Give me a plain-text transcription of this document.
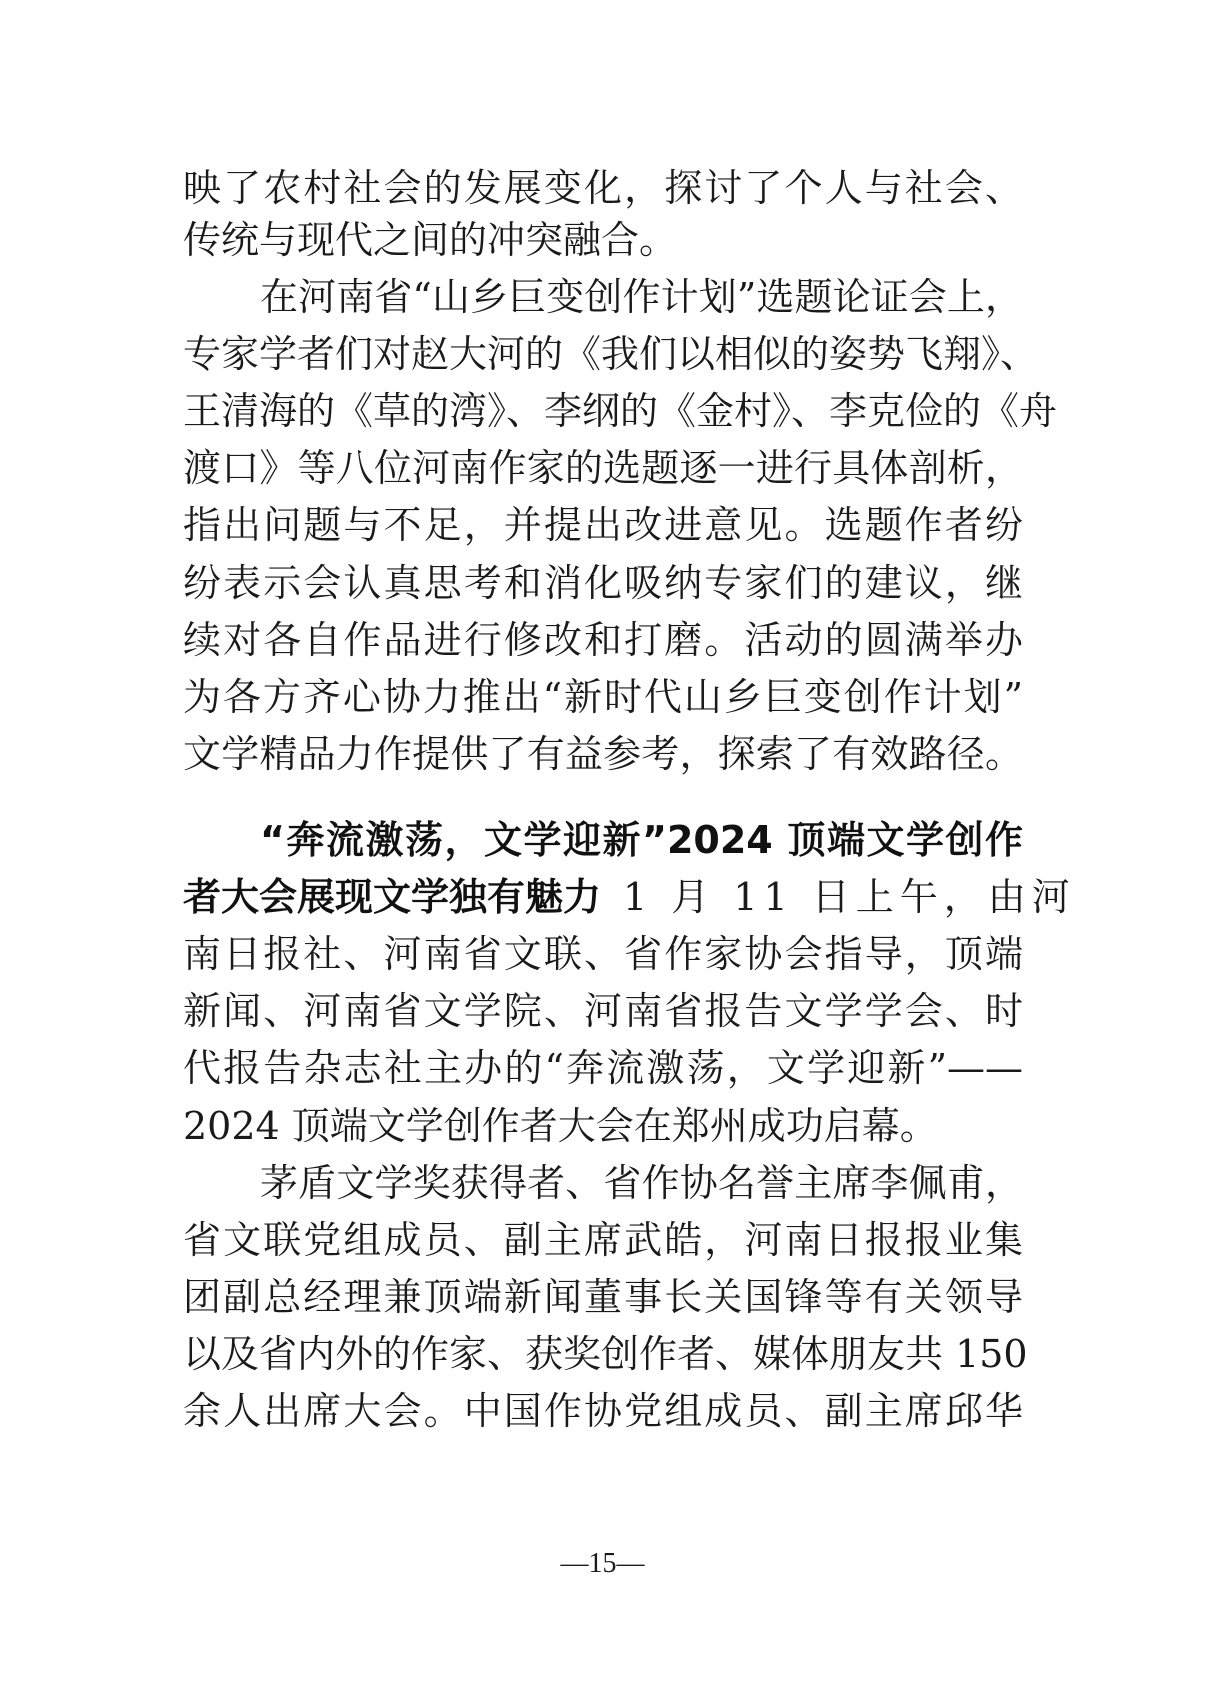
映了农村社会的发展变化，探讨了个人与社会、
传统与现代之间的冲突融合。
在河南省“山乡巨变创作计划”选题论证会上，
专家学者们对赵大河的《我们以相似的姿势飞翔》、
王清海的《草的湾》、李纲的《金村》、李克俭的《舟
渡口》等八位河南作家的选题逐一进行具体剖析，
指出问题与不足，并提出改进意见。选题作者纷
纷表示会认真思考和消化吸纳专家们的建议，继
续对各自作品进行修改和打磨。活动的圆满举办
为各方齐心协力推出“新时代山乡巨变创作计划”
文学精品力作提供了有益参考，探索了有效路径。
“奔流激荡，文学迎新”2024 顶端文学创作
者大会展现文学独有魅力 1 月 11 日上午，由河
南日报社、河南省文联、省作家协会指导，顶端
新闻、河南省文学院、河南省报告文学学会、时
代报告杂志社主办的“奔流激荡，文学迎新”——
2024 顶端文学创作者大会在郑州成功启幕。
茅盾文学奖获得者、省作协名誉主席李佩甫，
省文联党组成员、副主席武皓，河南日报报业集
团副总经理兼顶端新闻董事长关国锋等有关领导
以及省内外的作家、获奖创作者、媒体朋友共 150
余人出席大会。中国作协党组成员、副主席邱华
—15—
